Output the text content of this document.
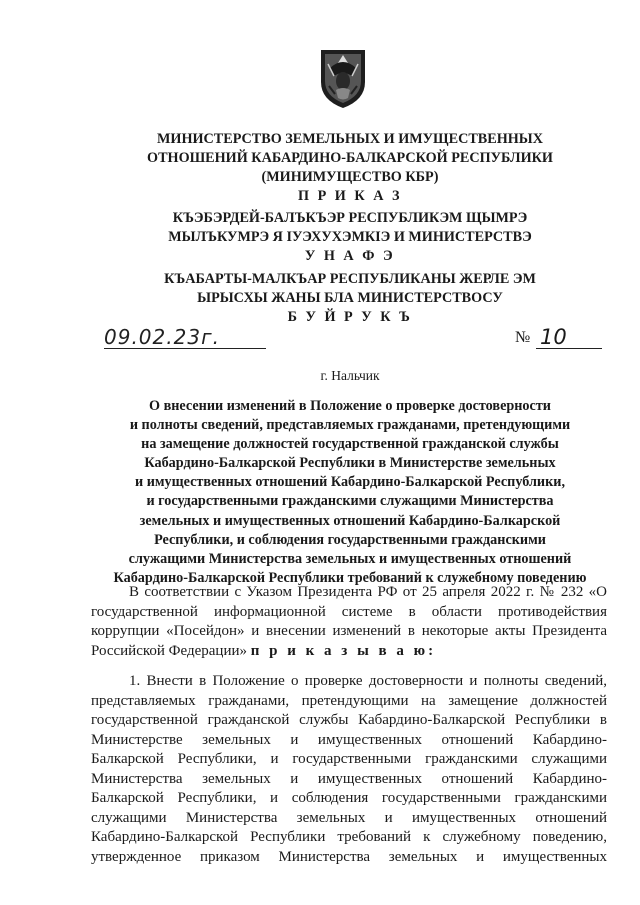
МИНИСТЕРСТВО ЗЕМЕЛЬНЫХ И ИМУЩЕСТВЕННЫХ
ОТНОШЕНИЙ КАБАРДИНО-БАЛКАРСКОЙ РЕСПУБЛИКИ
(МИНИМУЩЕСТВО КБР)
П Р И К А З
КЪЭБЭРДЕЙ-БАЛЪКЪЭР РЕСПУБЛИКЭМ ЩЫМРЭ
МЫЛЪКУМРЭ Я IУЭХУХЭМКIЭ И МИНИСТЕРСТВЭ
У Н А Ф Э
КЪАБАРТЫ-МАЛКЪАР РЕСПУБЛИКАНЫ ЖЕРЛЕ ЭМ
ЫРЫСХЫ ЖАНЫ БЛА МИНИСТЕРСТВОСУ
Б У Й Р У К Ъ
09.02.23г.	№ 10
г. Нальчик
О внесении изменений в Положение о проверке достоверности
и полноты сведений, представляемых гражданами, претендующими
на замещение должностей государственной гражданской службы
Кабардино-Балкарской Республики в Министерстве земельных
и имущественных отношений Кабардино-Балкарской Республики,
и государственными гражданскими служащими Министерства
земельных и имущественных отношений Кабардино-Балкарской
Республики, и соблюдения государственными гражданскими
служащими Министерства земельных и имущественных отношений
Кабардино-Балкарской Республики требований к служебному поведению
В соответствии с Указом Президента РФ от 25 апреля 2022 г. № 232 «О
государственной информационной системе в области противодействия
коррупции «Посейдон» и внесении изменений в некоторые акты Президента
Российской Федерации» п р и к а з ы в а ю:
1. Внести в Положение о проверке достоверности и полноты сведений,
представляемых гражданами, претендующими на замещение должностей
государственной гражданской службы Кабардино-Балкарской Республики в
Министерстве земельных и имущественных отношений Кабардино-
Балкарской Республики, и государственными гражданскими служащими
Министерства земельных и имущественных отношений Кабардино-
Балкарской Республики, и соблюдения государственными гражданскими
служащими Министерства земельных и имущественных отношений
Кабардино-Балкарской Республики требований к служебному поведению,
утвержденное приказом Министерства земельных и имущественных
